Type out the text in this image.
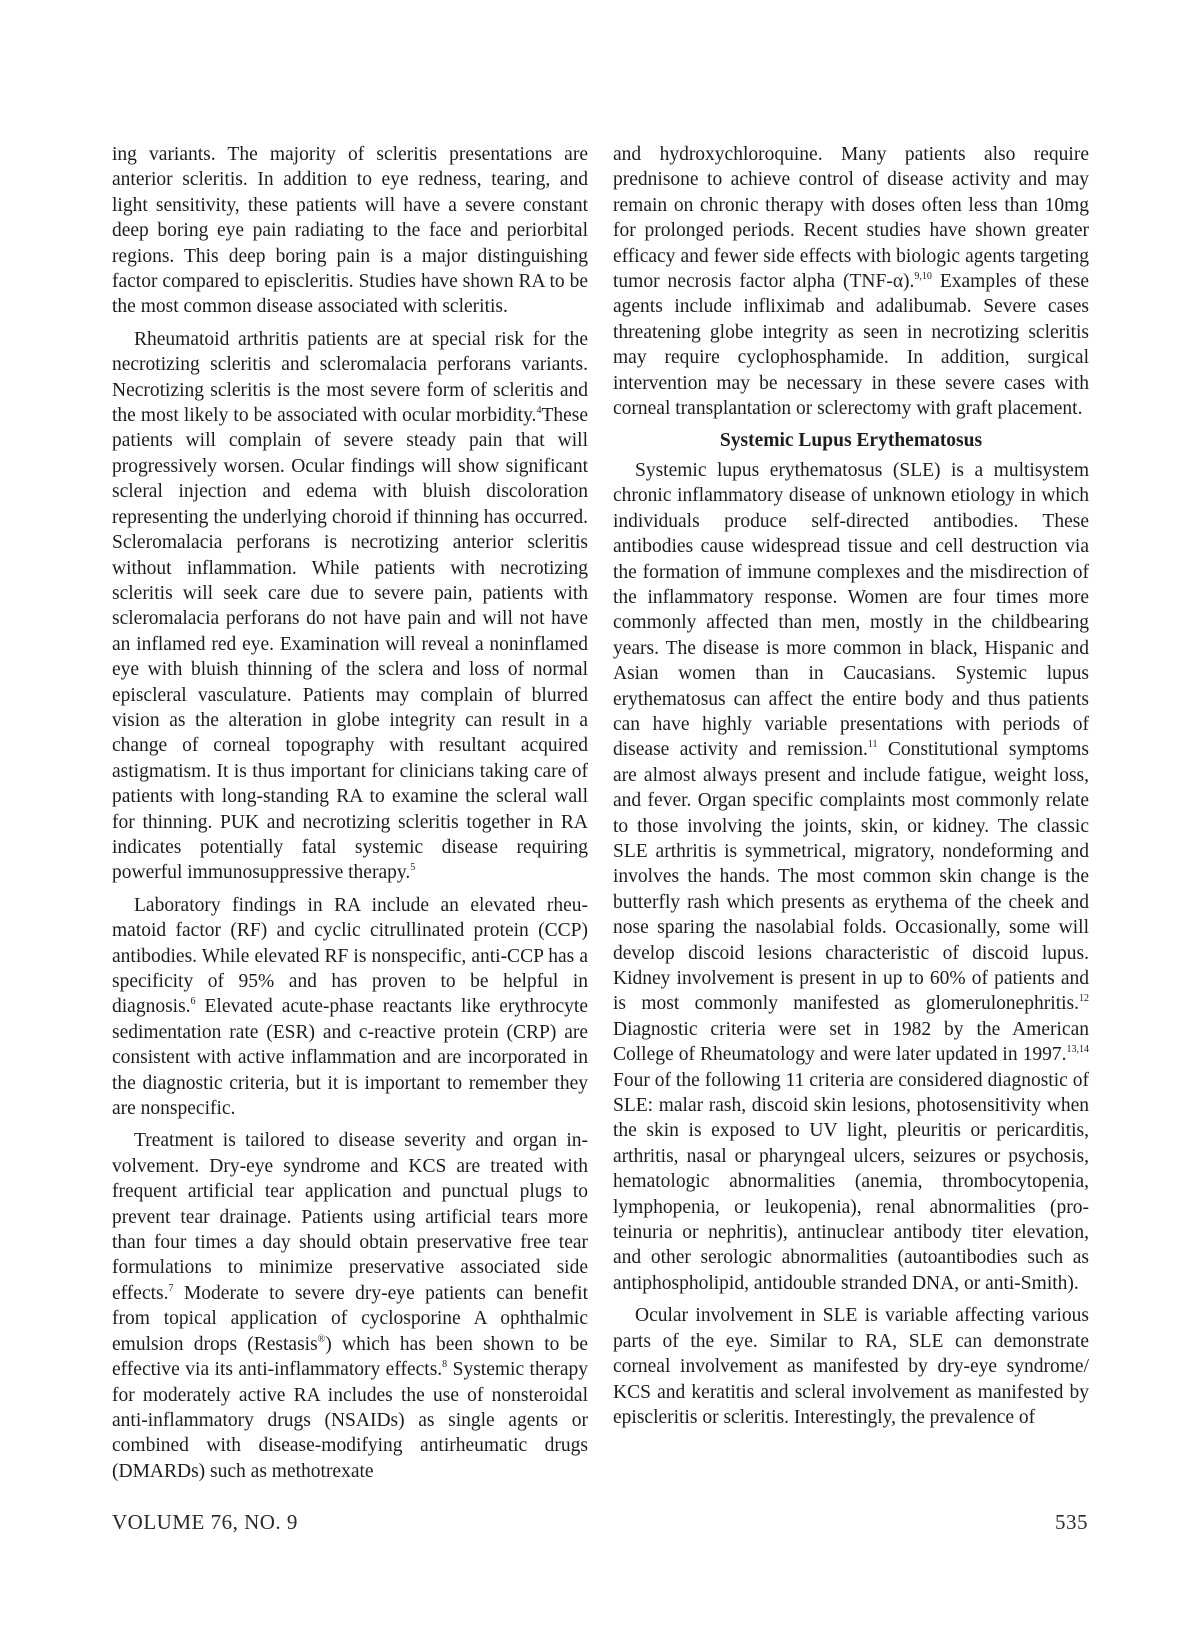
ing variants. The majority of scleritis presentations are anterior scleritis. In addition to eye redness, tearing, and light sensitivity, these patients will have a severe constant deep boring eye pain radiating to the face and periorbital regions. This deep boring pain is a major distinguishing factor compared to episcleritis. Studies have shown RA to be the most common disease associated with scleritis.

Rheumatoid arthritis patients are at special risk for the necrotizing scleritis and scleromalacia perforans variants. Necrotizing scleritis is the most severe form of scleritis and the most likely to be associated with ocular morbidity.$^4$These patients will complain of severe steady pain that will progressively worsen. Ocular findings will show significant scleral injection and edema with bluish discoloration representing the underlying choroid if thinning has occurred. Scleromalacia perforans is necrotizing anterior scleritis without inflammation. While patients with necrotizing scleritis will seek care due to severe pain, patients with scleromalacia perforans do not have pain and will not have an inflamed red eye. Examination will reveal a noninflamed eye with bluish thinning of the sclera and loss of normal episcleral vasculature. Patients may complain of blurred vision as the alteration in globe integrity can result in a change of corneal topography with resultant acquired astigmatism. It is thus important for clinicians taking care of patients with long-standing RA to examine the scleral wall for thinning. PUK and necrotizing scleritis together in RA indicates potentially fatal systemic disease requiring powerful immunosuppressive therapy.$^5$

Laboratory findings in RA include an elevated rheumatoid factor (RF) and cyclic citrullinated protein (CCP) antibodies. While elevated RF is nonspecific, anti-CCP has a specificity of 95% and has proven to be helpful in diagnosis.$^6$ Elevated acute-phase reactants like erythrocyte sedimentation rate (ESR) and c-reactive protein (CRP) are consistent with active inflammation and are incorporated in the diagnostic criteria, but it is important to remember they are nonspecific.

Treatment is tailored to disease severity and organ involvement. Dry-eye syndrome and KCS are treated with frequent artificial tear application and punctual plugs to prevent tear drainage. Patients using artificial tears more than four times a day should obtain preservative free tear formulations to minimize preservative associated side effects.$^7$ Moderate to severe dry-eye patients can benefit from topical application of cyclosporine A ophthalmic emulsion drops (Restasis®) which has been shown to be effective via its anti-inflammatory effects.$^8$ Systemic therapy for moderately active RA includes the use of nonsteroidal anti-inflammatory drugs (NSAIDs) as single agents or combined with disease-modifying antirheumatic drugs (DMARDs) such as methotrexate

and hydroxychloroquine. Many patients also require prednisone to achieve control of disease activity and may remain on chronic therapy with doses often less than 10mg for prolonged periods. Recent studies have shown greater efficacy and fewer side effects with biologic agents targeting tumor necrosis factor alpha (TNF-α).$^{9,10}$ Examples of these agents include infliximab and adalibumab. Severe cases threatening globe integrity as seen in necrotizing scleritis may require cyclophosphamide. In addition, surgical intervention may be necessary in these severe cases with corneal transplantation or sclerectomy with graft placement.

Systemic Lupus Erythematosus

Systemic lupus erythematosus (SLE) is a multisystem chronic inflammatory disease of unknown etiology in which individuals produce self-directed antibodies. These antibodies cause widespread tissue and cell destruction via the formation of immune complexes and the misdirection of the inflammatory response. Women are four times more commonly affected than men, mostly in the childbearing years. The disease is more common in black, Hispanic and Asian women than in Caucasians. Systemic lupus erythematosus can affect the entire body and thus patients can have highly variable presentations with periods of disease activity and remission.$^{11}$ Constitutional symptoms are almost always present and include fatigue, weight loss, and fever. Organ specific complaints most commonly relate to those involving the joints, skin, or kidney. The classic SLE arthritis is symmetrical, migratory, nondeforming and involves the hands. The most common skin change is the butterfly rash which presents as erythema of the cheek and nose sparing the nasolabial folds. Occasionally, some will develop discoid lesions characteristic of discoid lupus. Kidney involvement is present in up to 60% of patients and is most commonly manifested as glomerulonephritis.$^{12}$ Diagnostic criteria were set in 1982 by the American College of Rheumatology and were later updated in 1997.$^{13,14}$ Four of the following 11 criteria are considered diagnostic of SLE: malar rash, discoid skin lesions, photosensitivity when the skin is exposed to UV light, pleuritis or pericarditis, arthritis, nasal or pharyngeal ulcers, seizures or psychosis, hematologic abnormalities (anemia, thrombocytopenia, lymphopenia, or leukopenia), renal abnormalities (proteinuria or nephritis), antinuclear antibody titer elevation, and other serologic abnormalities (autoantibodies such as antiphospholipid, antidouble stranded DNA, or anti-Smith).

Ocular involvement in SLE is variable affecting various parts of the eye. Similar to RA, SLE can demonstrate corneal involvement as manifested by dry-eye syndrome/ KCS and keratitis and scleral involvement as manifested by episcleritis or scleritis. Interestingly, the prevalence of

VOLUME 76, NO. 9	535
